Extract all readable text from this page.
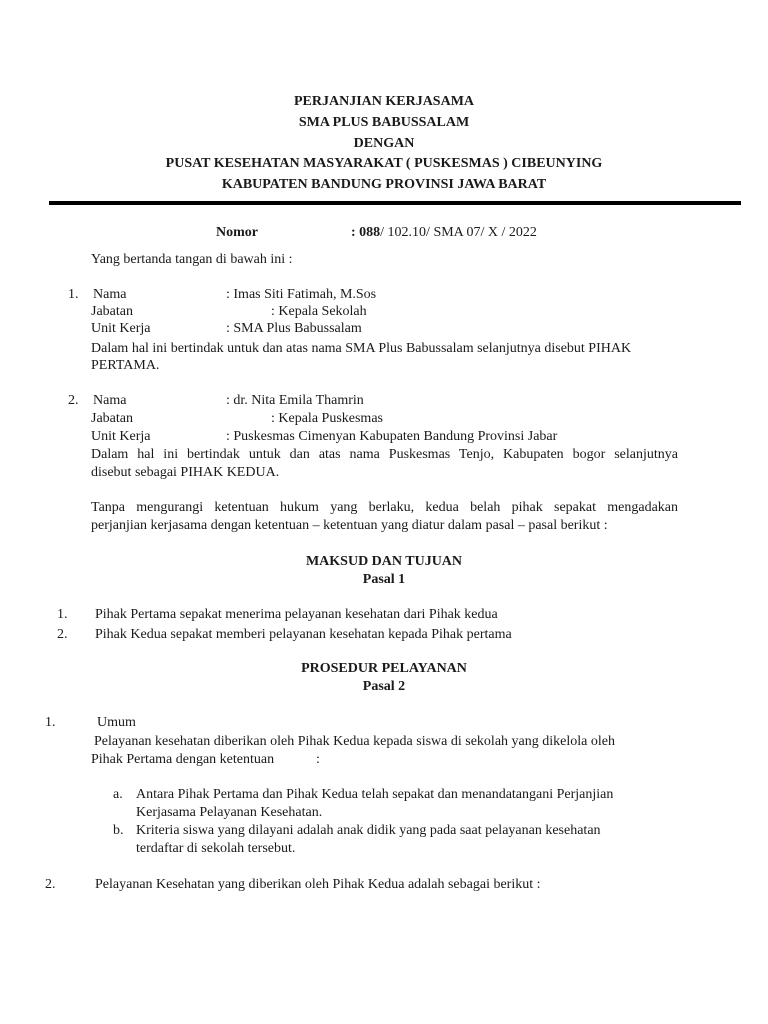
PERJANJIAN KERJASAMA
SMA PLUS BABUSSALAM
DENGAN
PUSAT KESEHATAN MASYARAKAT ( PUSKESMAS ) CIBEUNYING
KABUPATEN BANDUNG PROVINSI JAWA BARAT
Nomor	: 088/ 102.10/ SMA 07/ X / 2022
Yang bertanda tangan di bawah ini :
1. Nama	: Imas Siti Fatimah, M.Sos
Jabatan	: Kepala Sekolah
Unit Kerja	: SMA Plus Babussalam
Dalam hal ini bertindak untuk dan atas nama SMA Plus Babussalam selanjutnya disebut PIHAK
PERTAMA.
2. Nama	: dr. Nita Emila Thamrin
Jabatan	: Kepala Puskesmas
Unit Kerja	: Puskesmas Cimenyan Kabupaten Bandung Provinsi Jabar
Dalam hal ini bertindak untuk dan atas nama Puskesmas Tenjo, Kabupaten bogor selanjutnya
disebut sebagai PIHAK KEDUA.
Tanpa mengurangi ketentuan hukum yang berlaku, kedua belah pihak sepakat mengadakan
perjanjian kerjasama dengan ketentuan – ketentuan yang diatur dalam pasal – pasal berikut :
MAKSUD DAN TUJUAN
Pasal 1
1. Pihak Pertama sepakat menerima pelayanan kesehatan dari Pihak kedua
2. Pihak Kedua sepakat memberi pelayanan kesehatan kepada Pihak pertama
PROSEDUR PELAYANAN
Pasal 2
1.	Umum
Pelayanan kesehatan diberikan oleh Pihak Kedua kepada siswa di sekolah yang dikelola oleh
Pihak Pertama dengan ketentuan	:
a. Antara Pihak Pertama dan Pihak Kedua telah sepakat dan menandatangani Perjanjian
Kerjasama Pelayanan Kesehatan.
b. Kriteria siswa yang dilayani adalah anak didik yang pada saat pelayanan kesehatan
terdaftar di sekolah tersebut.
2.	Pelayanan Kesehatan yang diberikan oleh Pihak Kedua adalah sebagai berikut :
